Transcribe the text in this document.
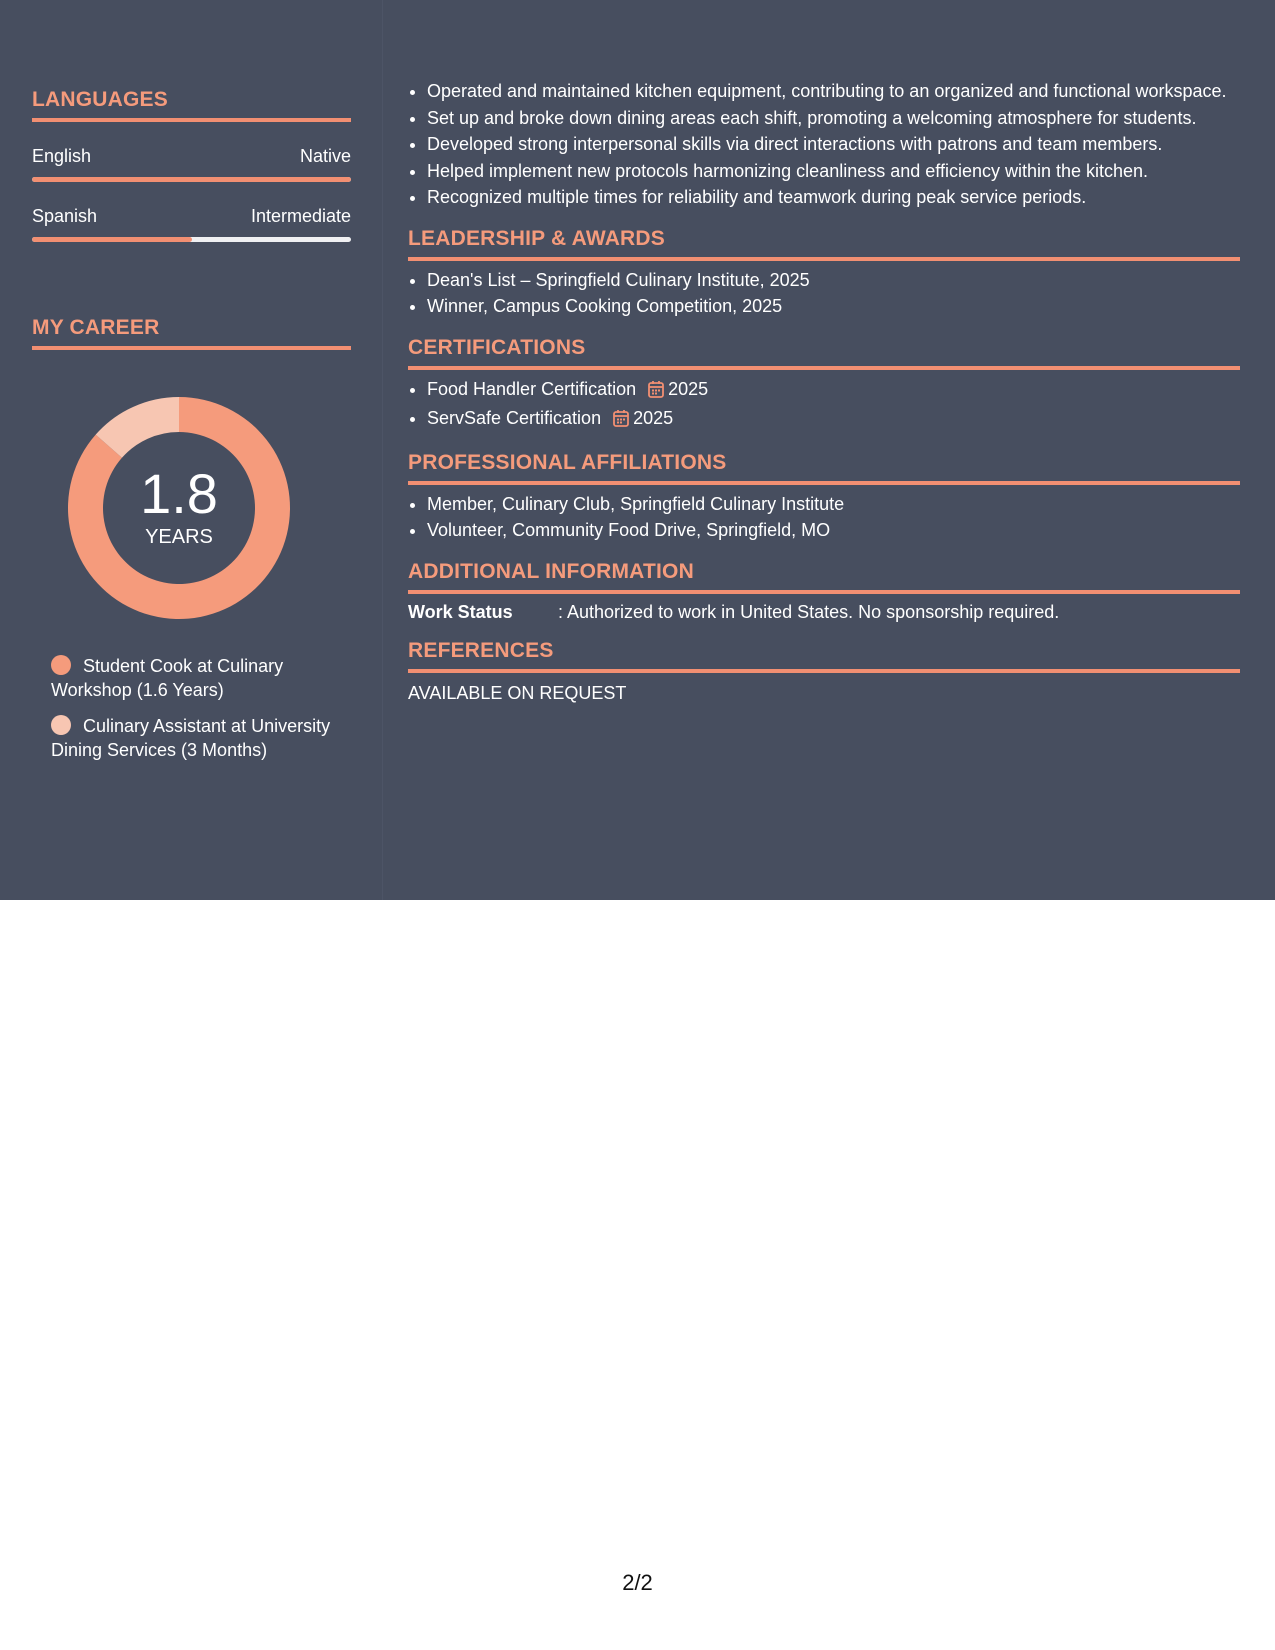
LANGUAGES
English	Native
Spanish	Intermediate
MY CAREER
1.8
YEARS
Student Cook at Culinary Workshop (1.6 Years)
Culinary Assistant at University Dining Services (3 Months)
• Operated and maintained kitchen equipment, contributing to an organized and functional workspace.
• Set up and broke down dining areas each shift, promoting a welcoming atmosphere for students.
• Developed strong interpersonal skills via direct interactions with patrons and team members.
• Helped implement new protocols harmonizing cleanliness and efficiency within the kitchen.
• Recognized multiple times for reliability and teamwork during peak service periods.
LEADERSHIP & AWARDS
• Dean's List – Springfield Culinary Institute, 2025
• Winner, Campus Cooking Competition, 2025
CERTIFICATIONS
• Food Handler Certification 2025
• ServSafe Certification 2025
PROFESSIONAL AFFILIATIONS
• Member, Culinary Club, Springfield Culinary Institute
• Volunteer, Community Food Drive, Springfield, MO
ADDITIONAL INFORMATION
Work Status	: Authorized to work in United States. No sponsorship required.
REFERENCES
AVAILABLE ON REQUEST
2/2
